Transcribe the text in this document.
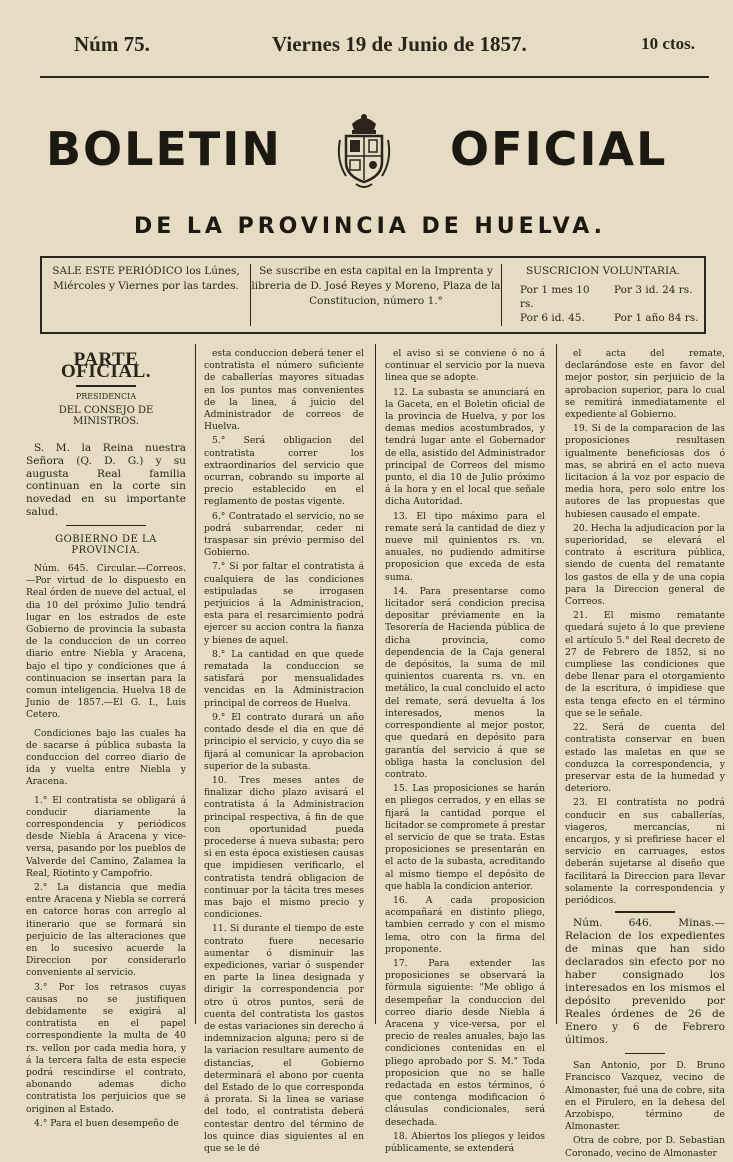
Núm 75.	Viernes 19 de Junio de 1857.	10 ctos.
BOLETIN	OFICIAL
DE LA PROVINCIA DE HUELVA.
SALE ESTE PERIÓDICO los Lúnes, Miércoles y Viernes por las tardes.
Se suscribe en esta capital en la Imprenta y libreria de D. José Reyes y Moreno, Plaza de la Constitucion, número 1.°
SUSCRICION VOLUNTARIA.
Por 1 mes 10 rs.
Por 3 id. 24 rs.
Por 6 id. 45.	Por 1 año 84 rs.
PARTE OFICIAL.
PRESIDENCIA
DEL CONSEJO DE MINISTROS.

S. M. la Reina nuestra Señora (Q. D. G.) y su augusta Real familia continuan en la corte sin novedad en su importante salud.

GOBIERNO DE LA PROVINCIA.

Núm. 645. Circular.—Correos. —Por virtud de lo dispuesto en Real órden de nueve del actual, el dia 10 del próximo Julio tendrá lugar en los estrados de este Gobierno de provincia la subasta de la conduccion de un correo diario entre Niebla y Aracena, bajo el tipo y condiciones que á continuacion se insertan para la comun inteligencia. Huelva 18 de Junio de 1857.—El G. I., Luis Cetero.

Condiciones bajo las cuales ha de sacarse á pública subasta la conduccion del correo diario de ida y vuelta entre Niebla y Aracena.

1.° El contratista se obligará á conducir diariamente la correspondencia y periódicos desde Niebla á Aracena y vice-versa, pasando por los pueblos de Valverde del Camino, Zalamea la Real, Riotinto y Campofrio.

2.° La distancia que media entre Aracena y Niebla se correrá en catorce horas con arreglo al itinerario que se formará sin perjuicio de las alteraciones que en lo sucesivo acuerde la Direccion por considerarlo conveniente al servicio.

3.° Por los retrasos cuyas causas no se justifiquen debidamente se exigirá al contratista en el papel correspondiente la multa de 40 rs. vellon por cada media hora, y á la tercera falta de esta especie podrá rescindirse el contrato, abonando ademas dicho contratista los perjuicios que se originen al Estado.

4.° Para el buen desempeño de

esta conduccion deberá tener el contratista el número suficiente de caballerías mayores situadas en los puntos mas convenientes de la linea, á juicio del Administrador de correos de Huelva.

5.° Será obligacion del contratista correr los extraordinarios del servicio que ocurran, cobrando su importe al precio establecido en el reglamento de postas vigente.

6.° Contratado el servicio, no se podrá subarrendar, ceder ni traspasar sin prévio permiso del Gobierno.

7.° Si por faltar el contratista á cualquiera de las condiciones estipuladas se irrogasen perjuicios á la Administracion, esta para el resarcimiento podrá ejercer su accion contra la fianza y bienes de aquel.

8.° La cantidad en que quede rematada la conduccion se satisfará por mensualidades vencidas en la Administracion principal de correos de Huelva.

9.° El contrato durará un año contado desde el dia en que dé principio el servicio, y cuyo dia se fijará al comunicar la aprobacion superior de la subasta.

10. Tres meses antes de finalizar dicho plazo avisará el contratista á la Administracion principal respectiva, á fin de que con oportunidad pueda procederse á nueva subasta; pero si en esta época existiesen causas que impidiesen verificarlo, el contratista tendrá obligacion de continuar por la tácita tres meses mas bajo el mismo precio y condiciones.

11. Si durante el tiempo de este contrato fuere necesario aumentar ó disminuir las expediciones, variar ó suspender en parte la linea designada y dirigir la correspondencia por otro ú otros puntos, será de cuenta del contratista los gastos de estas variaciones sin derecho á indemnizacion alguna; pero si de la variacion resultare aumento de distancias, el Gobierno determinará el abono por cuenta del Estado de lo que corresponda á prorata. Si la linea se variase del todo, el contratista deberá contestar dentro del término de los quince dias siguientes al en que se le dé

el aviso si se conviene ó no á continuar el servicio por la nueva linea que se adopte.

12. La subasta se anunciará en la Gaceta, en el Boletin oficial de la provincia de Huelva, y por los demas medios acostumbrados, y tendrá lugar ante el Gobernador de ella, asistido del Administrador principal de Correos del mismo punto, el dia 10 de Julio próximo á la hora y en el local que señale dicha Autoridad.

13. El tipo máximo para el remate será la cantidad de diez y nueve mil quinientos rs. vn. anuales, no pudiendo admitirse proposicion que exceda de esta suma.

14. Para presentarse como licitador será condicion precisa depositar préviamente en la Tesorería de Hacienda pública de dicha provincia, como dependencia de la Caja general de depósitos, la suma de mil quinientos cuarenta rs. vn. en metálico, la cual concluido el acto del remate, será devuelta á los interesados, menos la correspondiente al mejor postor, que quedará en depósito para garantía del servicio á que se obliga hasta la conclusion del contrato.

15. Las proposiciones se harán en pliegos cerrados, y en ellas se fijará la cantidad porque el licitador se compromete á prestar el servicio de que se trata. Estas proposiciones se presentarán en el acto de la subasta, acreditando al mismo tiempo el depósito de que habla la condicion anterior.

16. A cada proposicion acompañará en distinto pliego, tambien cerrado y con el mismo lema, otro con la firma del proponente.

17. Para extender las proposiciones se observará la fórmula siguiente: "Me obligo á desempeñar la conduccion del correo diario desde Niebla á Aracena y vice-versa, por el precio de reales anuales, bajo las condiciones contenidas en el pliego aprobado por S. M." Toda proposicion que no se halle redactada en estos términos, ó que contenga modificacion ó cláusulas condicionales, será desechada.

18. Abiertos los pliegos y leidos públicamente, se extenderá

el acta del remate, declarándose este en favor del mejor postor, sin perjuicio de la aprobacion superior, para lo cual se remitirá inmediatamente el expediente al Gobierno.

19. Si de la comparacion de las proposiciones resultasen igualmente beneficiosas dos ó mas, se abrirá en el acto nueva licitacion á la voz por espacio de media hora, pero solo entre los autores de las propuestas que hubiesen causado el empate.

20. Hecha la adjudicacion por la superioridad, se elevará el contrato á escritura pública, siendo de cuenta del rematante los gastos de ella y de una copia para la Direccion general de Correos.

21. El mismo rematante quedará sujeto á lo que previene el artículo 5.° del Real decreto de 27 de Febrero de 1852, si no cumpliese las condiciones que debe llenar para el otorgamiento de la escritura, ó impidiese que esta tenga efecto en el término que se le señale.

22. Será de cuenta del contratista conservar en buen estado las maletas en que se conduzca la correspondencia, y preservar esta de la humedad y deterioro.

23. El contratista no podrá conducir en sus caballerías, viageros, mercancías, ni encargos, y si prefiriese hacer el servicio en carruages, estos deberán sujetarse al diseño que facilitará la Direccion para llevar solamente la correspondencia y periódicos.

Núm. 646. Minas.—Relacion de los expedientes de minas que han sido declarados sin efecto por no haber consignado los interesados en los mismos el depósito prevenido por Reales órdenes de 26 de Enero y 6 de Febrero últimos.

San Antonio, por D. Bruno Francisco Vazquez, vecino de Almonaster, fué una de cobre, sita en el Pirulero, en la dehesa del Arzobispo, término de Almonaster.

Otra de cobre, por D. Sebastian Coronado, vecino de Almonaster
